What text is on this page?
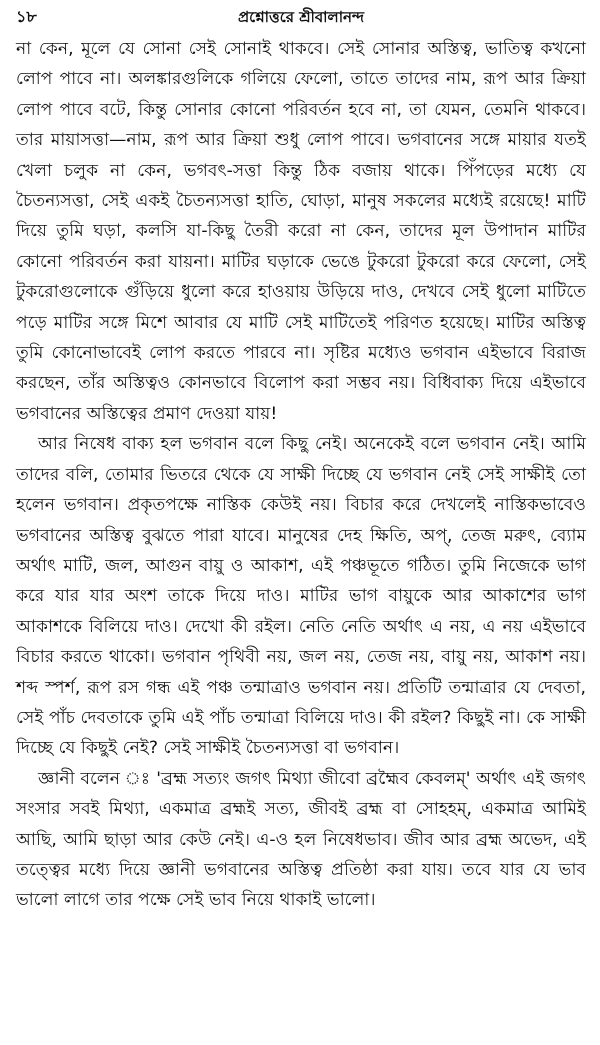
১৮	প্রশ্নোত্তরে শ্রীবালানন্দ

না কেন, মূলে যে সোনা সেই সোনাই থাকবে। সেই সোনার অস্তিত্ব, ভাতিত্ব কখনো লোপ পাবে না। অলঙ্কারগুলিকে গলিয়ে ফেলো, তাতে তাদের নাম, রূপ আর ক্রিয়া লোপ পাবে বটে, কিন্তু সোনার কোনো পরিবর্তন হবে না, তা যেমন, তেমনি থাকবে। তার মায়াসত্তা—নাম, রূপ আর ক্রিয়া শুধু লোপ পাবে। ভগবানের সঙ্গে মায়ার যতই খেলা চলুক না কেন, ভগবৎ-সত্তা কিন্তু ঠিক বজায় থাকে। পিঁপড়ের মধ্যে যে চৈতন্যসত্তা, সেই একই চৈতন্যসত্তা হাতি, ঘোড়া, মানুষ সকলের মধ্যেই রয়েছে! মাটি দিয়ে তুমি ঘড়া, কলসি যা-কিছু তৈরী করো না কেন, তাদের মূল উপাদান মাটির কোনো পরিবর্তন করা যায়না। মাটির ঘড়াকে ভেঙে টুকরো টুকরো করে ফেলো, সেই টুকরোগুলোকে গুঁড়িয়ে ধুলো করে হাওয়ায় উড়িয়ে দাও, দেখবে সেই ধুলো মাটিতে পড়ে মাটির সঙ্গে মিশে আবার যে মাটি সেই মাটিতেই পরিণত হয়েছে। মাটির অস্তিত্ব তুমি কোনোভাবেই লোপ করতে পারবে না। সৃষ্টির মধ্যেও ভগবান এইভাবে বিরাজ করছেন, তাঁর অস্তিত্বও কোনভাবে বিলোপ করা সম্ভব নয়। বিধিবাক্য দিয়ে এইভাবে ভগবানের অস্তিত্বের প্রমাণ দেওয়া যায়!

আর নিষেধ বাক্য হল ভগবান বলে কিছু নেই। অনেকেই বলে ভগবান নেই। আমি তাদের বলি, তোমার ভিতরে থেকে যে সাক্ষী দিচ্ছে যে ভগবান নেই সেই সাক্ষীই তো হলেন ভগবান। প্রকৃতপক্ষে নাস্তিক কেউই নয়। বিচার করে দেখলেই নাস্তিকভাবেও ভগবানের অস্তিত্ব বুঝতে পারা যাবে। মানুষের দেহ ক্ষিতি, অপ্‌, তেজ মরুৎ, ব্যোম অর্থাৎ মাটি, জল, আগুন বায়ু ও আকাশ, এই পঞ্চভূতে গঠিত। তুমি নিজেকে ভাগ করে যার যার অংশ তাকে দিয়ে দাও। মাটির ভাগ বায়ুকে আর আকাশের ভাগ আকাশকে বিলিয়ে দাও। দেখো কী রইল। নেতি নেতি অর্থাৎ এ নয়, এ নয় এইভাবে বিচার করতে থাকো। ভগবান পৃথিবী নয়, জল নয়, তেজ নয়, বায়ু নয়, আকাশ নয়। শব্দ স্পর্শ, রূপ রস গন্ধ এই পঞ্চ তন্মাত্রাও ভগবান নয়। প্রতিটি তন্মাত্রার যে দেবতা, সেই পাঁচ দেবতাকে তুমি এই পাঁচ তন্মাত্রা বিলিয়ে দাও। কী রইল? কিছুই না। কে সাক্ষী দিচ্ছে যে কিছুই নেই? সেই সাক্ষীই চৈতন্যসত্তা বা ভগবান।

জ্ঞানী বলেন ঃ 'ব্রহ্ম সত্যং জগৎ মিথ্যা জীবো ব্রহ্মৈব কেবলম্' অর্থাৎ এই জগৎ সংসার সবই মিথ্যা, একমাত্র ব্রহ্মই সত্য, জীবই ব্রহ্ম বা সোহহম্, একমাত্র আমিই আছি, আমি ছাড়া আর কেউ নেই। এ-ও হল নিষেধভাব। জীব আর ব্রহ্ম অভেদ, এই তত্ত্বের মধ্যে দিয়ে জ্ঞানী ভগবানের অস্তিত্ব প্রতিষ্ঠা করা যায়। তবে যার যে ভাব ভালো লাগে তার পক্ষে সেই ভাব নিয়ে থাকাই ভালো।
